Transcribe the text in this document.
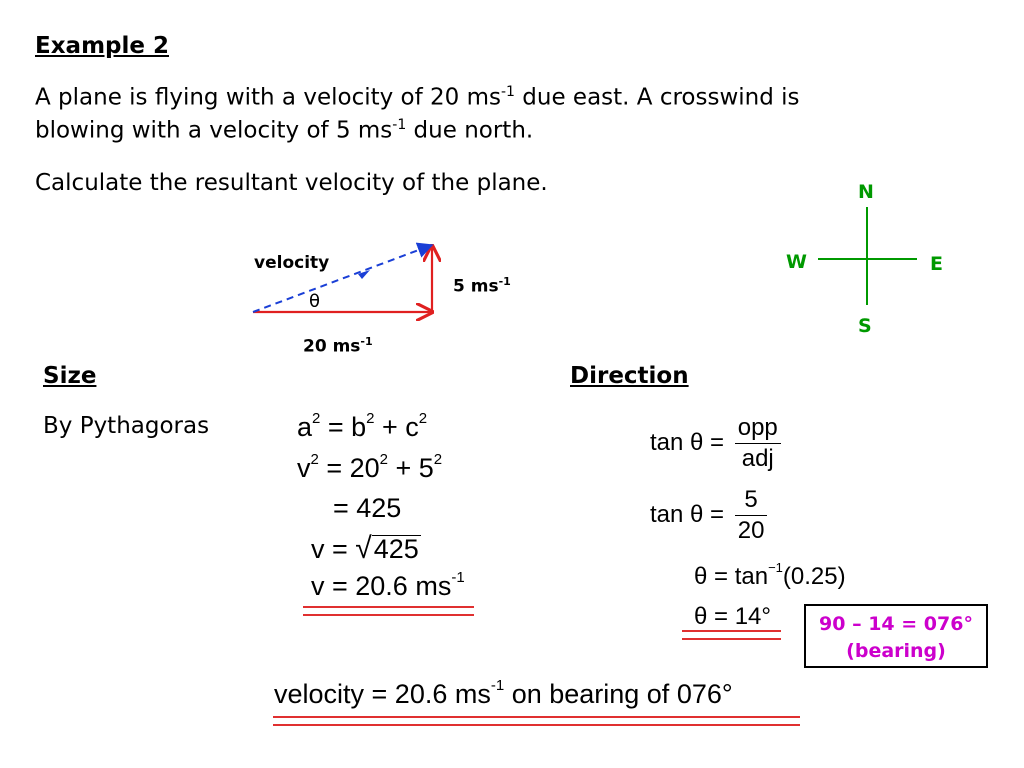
Example 2
A plane is flying with a velocity of 20 $ms^{-1}$ due east. A crosswind is
blowing with a velocity of 5 $ms^{-1}$ due north.
Calculate the resultant velocity of the plane.
velocity
θ
5 $ms^{-1}$
20 $ms^{-1}$
N
S
W	E
Size
By Pythagoras	$a^2 = b^2 + c^2$
$v^2 = 20^2 + 5^2$
= 425
v = √425
v = 20.6 $ms^{-1}$
Direction
$\tan \theta = \frac{\text{opp}}{\text{adj}}$
$\tan \theta = \frac{5}{20}$
$\theta = \tan^{-1}(0.25)$
θ = 14°	90 – 14 = 076°
(bearing)
velocity = 20.6 $ms^{-1}$ on bearing of 076°
